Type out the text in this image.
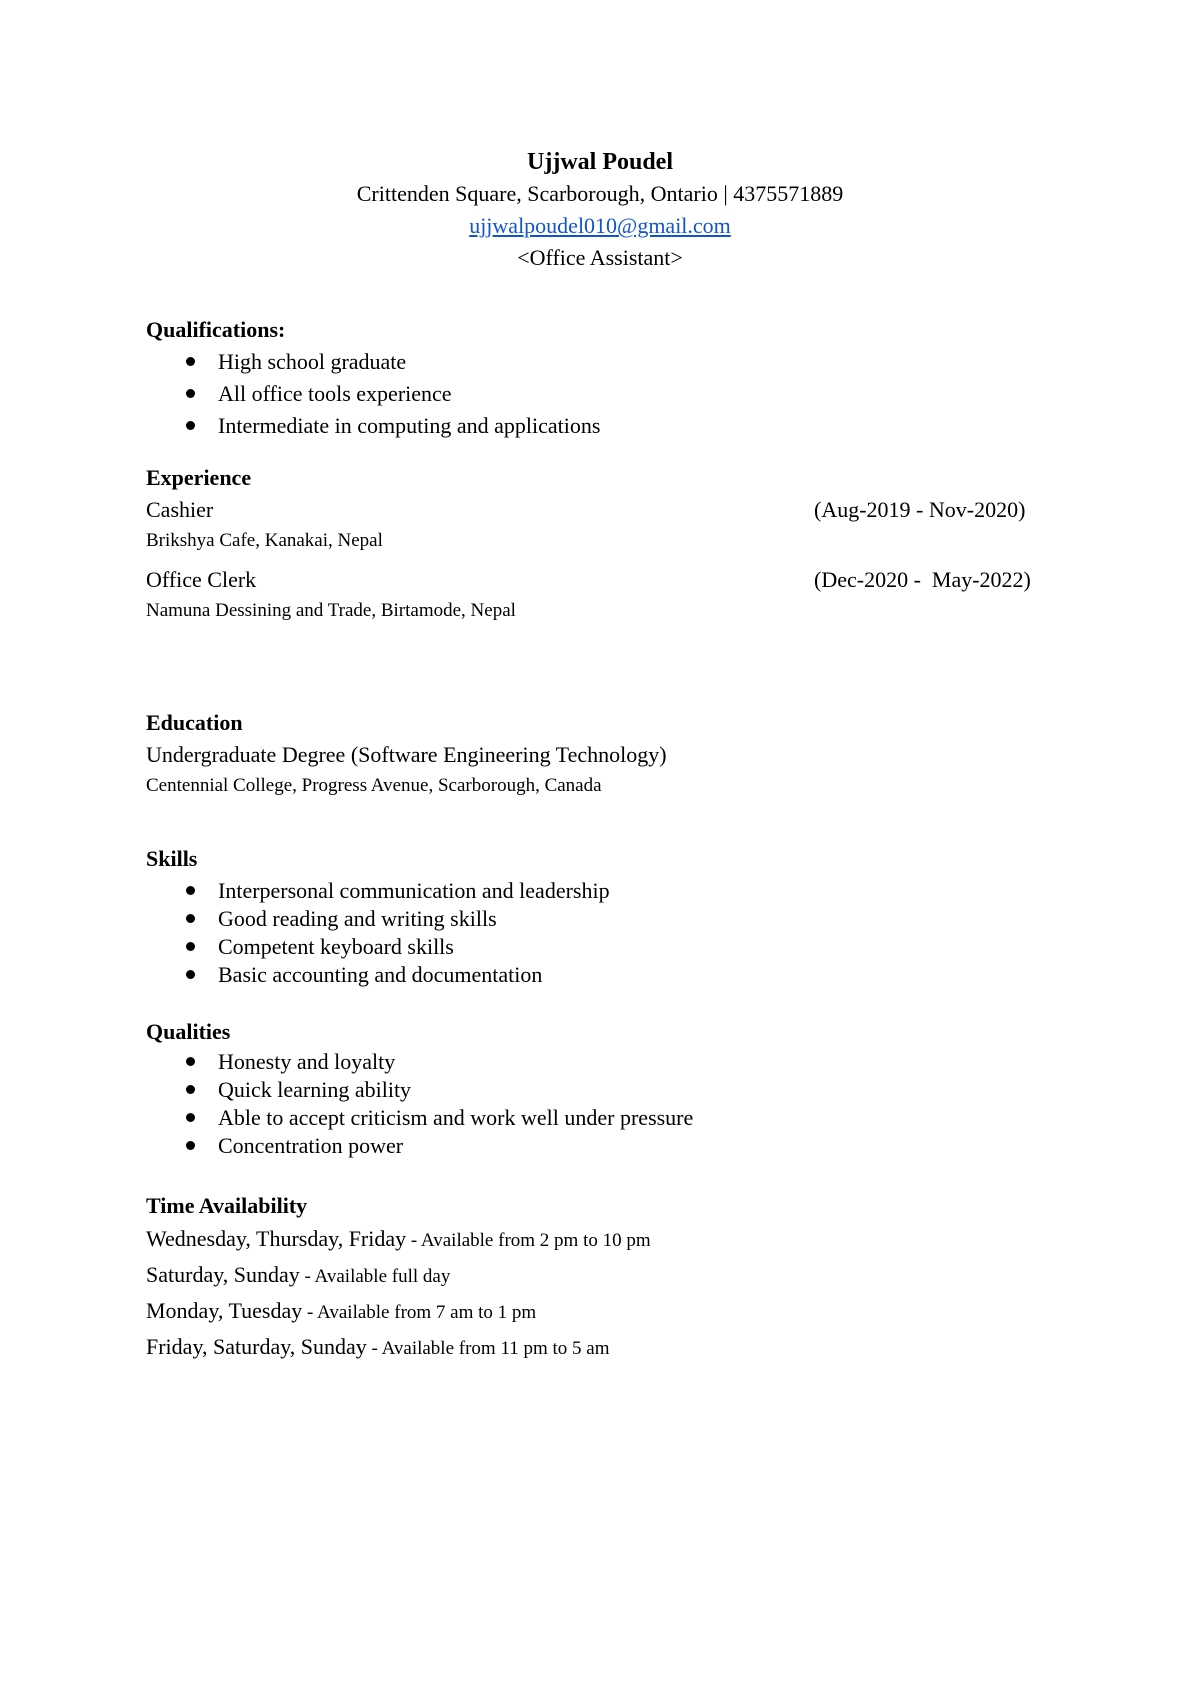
Ujjwal Poudel
Crittenden Square, Scarborough, Ontario | 4375571889
ujjwalpoudel010@gmail.com
<Office Assistant>
Qualifications:
High school graduate
All office tools experience
Intermediate in computing and applications
Experience
Cashier	(Aug-2019 - Nov-2020)
Brikshya Cafe, Kanakai, Nepal
Office Clerk	(Dec-2020 -  May-2022)
Namuna Dessining and Trade, Birtamode, Nepal
Education
Undergraduate Degree (Software Engineering Technology)
Centennial College, Progress Avenue, Scarborough, Canada
Skills
Interpersonal communication and leadership
Good reading and writing skills
Competent keyboard skills
Basic accounting and documentation
Qualities
Honesty and loyalty
Quick learning ability
Able to accept criticism and work well under pressure
Concentration power
Time Availability
Wednesday, Thursday, Friday - Available from 2 pm to 10 pm
Saturday, Sunday - Available full day
Monday, Tuesday - Available from 7 am to 1 pm
Friday, Saturday, Sunday - Available from 11 pm to 5 am
